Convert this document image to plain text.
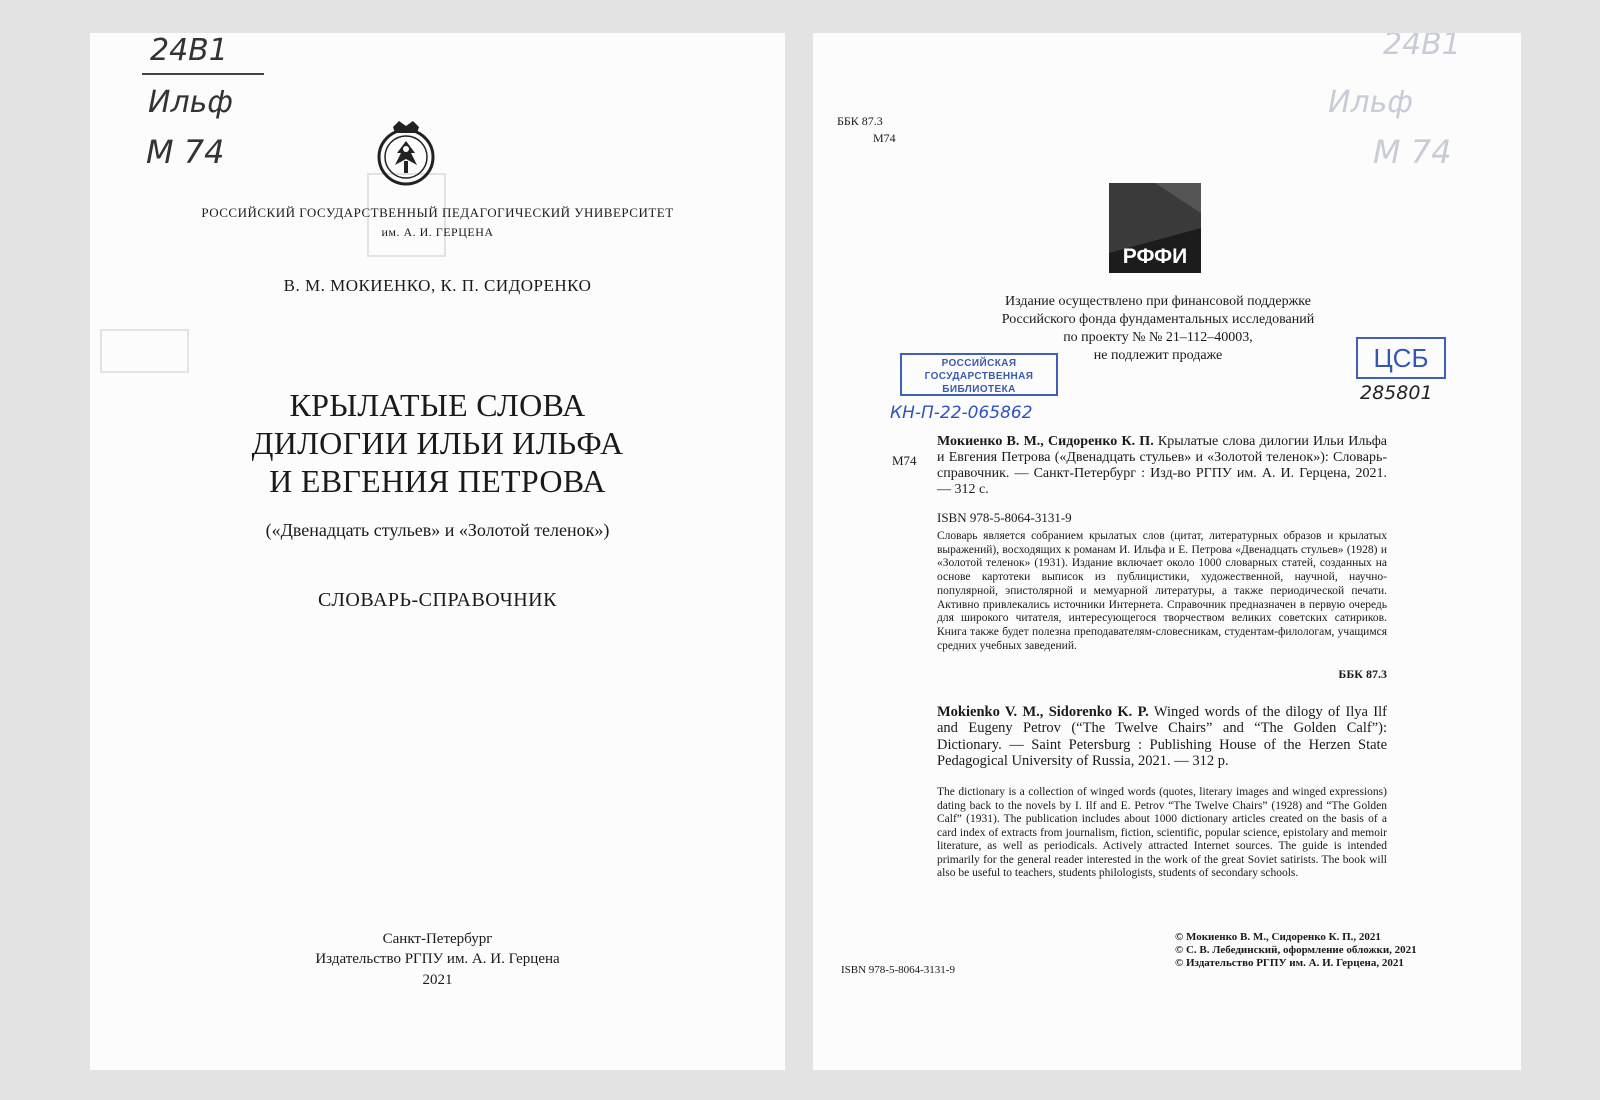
24В1
Ильф
М 74
РОССИЙСКИЙ ГОСУДАРСТВЕННЫЙ ПЕДАГОГИЧЕСКИЙ УНИВЕРСИТЕТ
им. А. И. ГЕРЦЕНА
В. М. МОКИЕНКО, К. П. СИДОРЕНКО
КРЫЛАТЫЕ СЛОВА
ДИЛОГИИ ИЛЬИ ИЛЬФА
И ЕВГЕНИЯ ПЕТРОВА
(«Двенадцать стульев» и «Золотой теленок»)
СЛОВАРЬ-СПРАВОЧНИК
Санкт-Петербург
Издательство РГПУ им. А. И. Герцена
2021
24В1
Ильф
М 74
ББК 87.3
М74
РФФИ
Издание осуществлено при финансовой поддержке
Российского фонда фундаментальных исследований
по проекту № № 21–112–40003,
не подлежит продаже
РОССИЙСКАЯ
ГОСУДАРСТВЕННАЯ
БИБЛИОТЕКА
ЦСБ
285801
КН-П-22-065862
М74
Мокиенко В. М., Сидоренко К. П. Крылатые слова дилогии Ильи Ильфа и Евгения Петрова («Двенадцать стульев» и «Золотой теленок»): Словарь-справочник. — Санкт-Петербург : Изд-во РГПУ им. А. И. Герцена, 2021. — 312 с.
ISBN 978-5-8064-3131-9
Словарь является собранием крылатых слов (цитат, литературных образов и крылатых выражений), восходящих к романам И. Ильфа и Е. Петрова «Двенадцать стульев» (1928) и «Золотой теленок» (1931). Издание включает около 1000 словарных статей, созданных на основе картотеки выписок из публицистики, художественной, научной, научно-популярной, эпистолярной и мемуарной литературы, а также периодической печати. Активно привлекались источники Интернета. Справочник предназначен в первую очередь для широкого читателя, интересующегося творчеством великих советских сатириков. Книга также будет полезна преподавателям-словесникам, студентам-филологам, учащимся средних учебных заведений.
ББК 87.3
Mokienko V. M., Sidorenko K. P. Winged words of the dilogy of Ilya Ilf and Eugeny Petrov (“The Twelve Chairs” and “The Golden Calf”): Dictionary. — Saint Petersburg : Publishing House of the Herzen State Pedagogical University of Russia, 2021. — 312 p.
The dictionary is a collection of winged words (quotes, literary images and winged expressions) dating back to the novels by I. Ilf and E. Petrov “The Twelve Chairs” (1928) and “The Golden Calf” (1931). The publication includes about 1000 dictionary articles created on the basis of a card index of extracts from journalism, fiction, scientific, popular science, epistolary and memoir literature, as well as periodicals. Actively attracted Internet sources. The guide is intended primarily for the general reader interested in the work of the great Soviet satirists. The book will also be useful to teachers, students philologists, students of secondary schools.
© Мокиенко В. М., Сидоренко К. П., 2021
© С. В. Лебединский, оформление обложки, 2021
© Издательство РГПУ им. А. И. Герцена, 2021
ISBN 978-5-8064-3131-9
